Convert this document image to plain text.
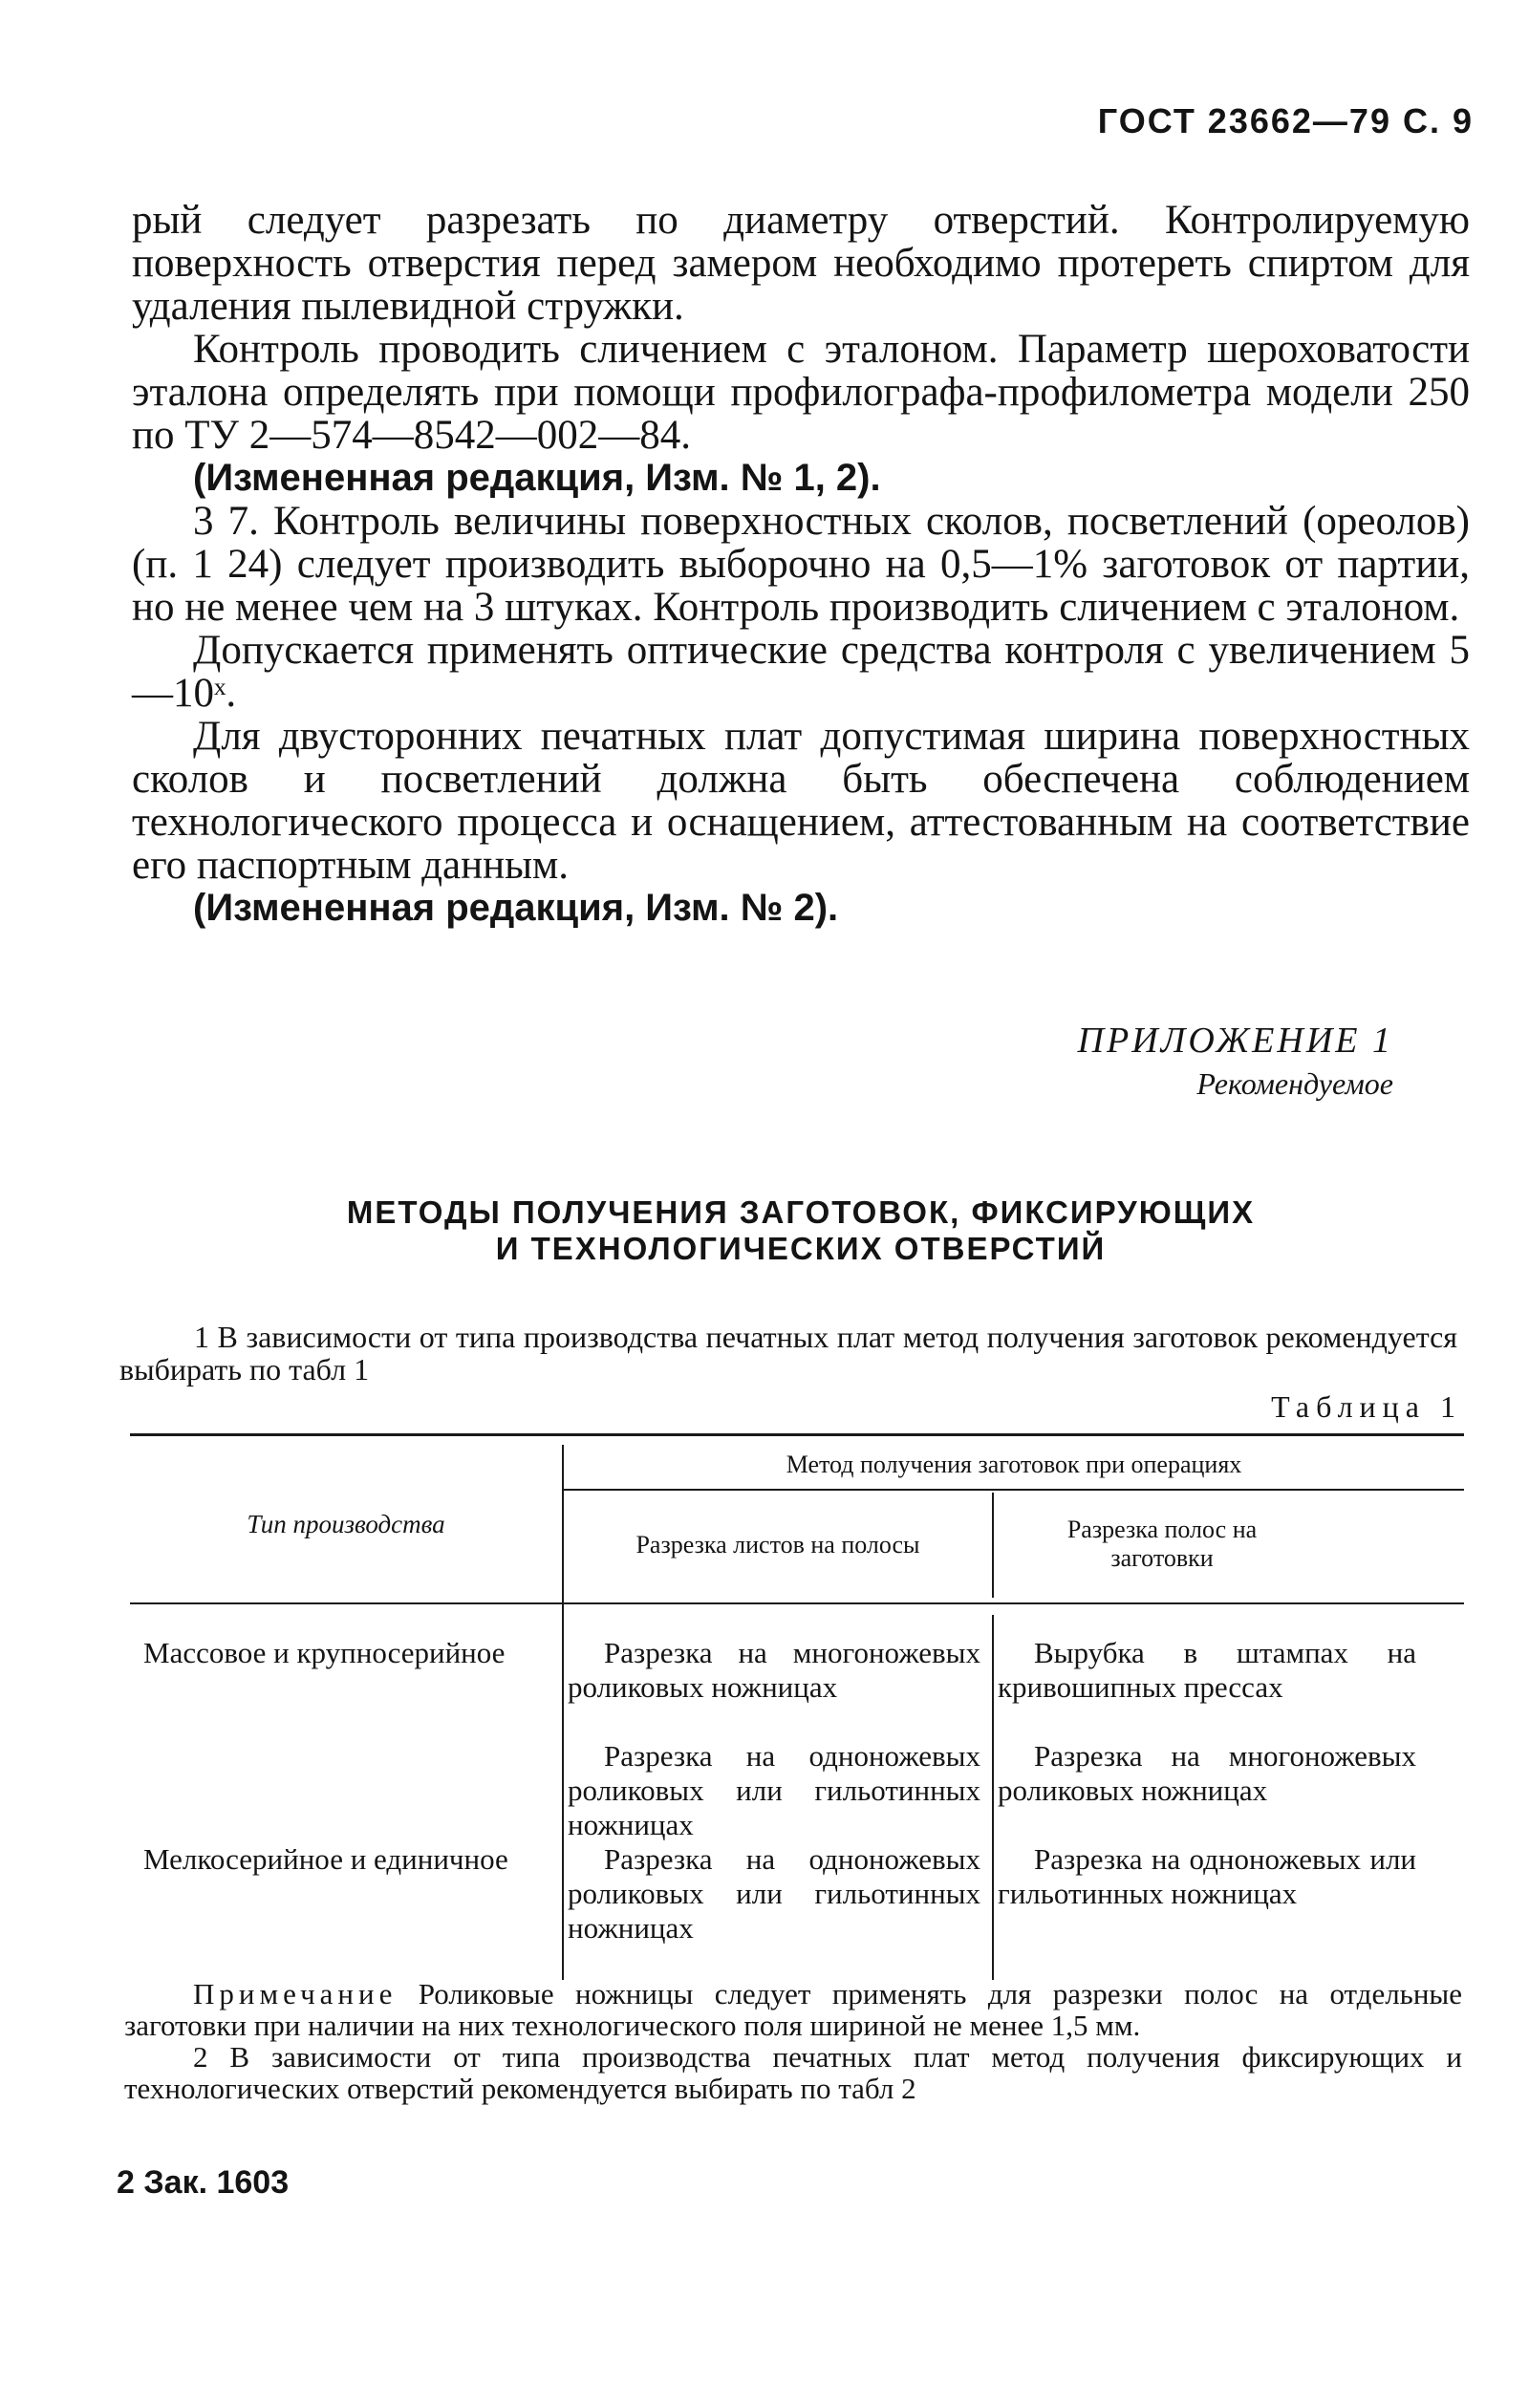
ГОСТ 23662—79 С. 9

рый следует разрезать по диаметру отверстий. Контролируемую поверхность отверстия перед замером необходимо протереть спиртом для удаления пылевидной стружки.

Контроль проводить сличением с эталоном. Параметр шероховатости эталона определять при помощи профилографа-профилометра модели 250 по ТУ 2—574—8542—002—84.

(Измененная редакция, Изм. № 1, 2).

3 7. Контроль величины поверхностных сколов, посветлений (ореолов) (п. 1 24) следует производить выборочно на 0,5—1% заготовок от партии, но не менее чем на 3 штуках. Контроль производить сличением с эталоном.

Допускается применять оптические средства контроля с увеличением 5—10ˣ.

Для двусторонних печатных плат допустимая ширина поверхностных сколов и посветлений должна быть обеспечена соблюдением технологического процесса и оснащением, аттестованным на соответствие его паспортным данным.

(Измененная редакция, Изм. № 2).

ПРИЛОЖЕНИЕ 1
Рекомендуемое
МЕТОДЫ ПОЛУЧЕНИЯ ЗАГОТОВОК, ФИКСИРУЮЩИХ
И ТЕХНОЛОГИЧЕСКИХ ОТВЕРСТИЙ

1 В зависимости от типа производства печатных плат метод получения заготовок рекомендуется выбирать по табл 1

Таблица 1
Метод получения заготовок при операциях
Тип производства
Разрезка листов на полосы
Разрезка полос на заготовки
Массовое и крупносерийное	Разрезка на многоножевых роликовых ножницах
Разрезка на одноножевых роликовых или гильотинных ножницах
Вырубка в штампах на кривошипных прессах
Разрезка на многоножевых роликовых ножницах
Мелкосерийное и единичное	Разрезка на одноножевых роликовых или гильотинных ножницах
Разрезка на одноножевых или гильотинных ножницах

Примечание Роликовые ножницы следует применять для разрезки полос на отдельные заготовки при наличии на них технологического поля шириной не менее 1,5 мм.

2 В зависимости от типа производства печатных плат метод получения фиксирующих и технологических отверстий рекомендуется выбирать по табл 2

2 Зак. 1603
